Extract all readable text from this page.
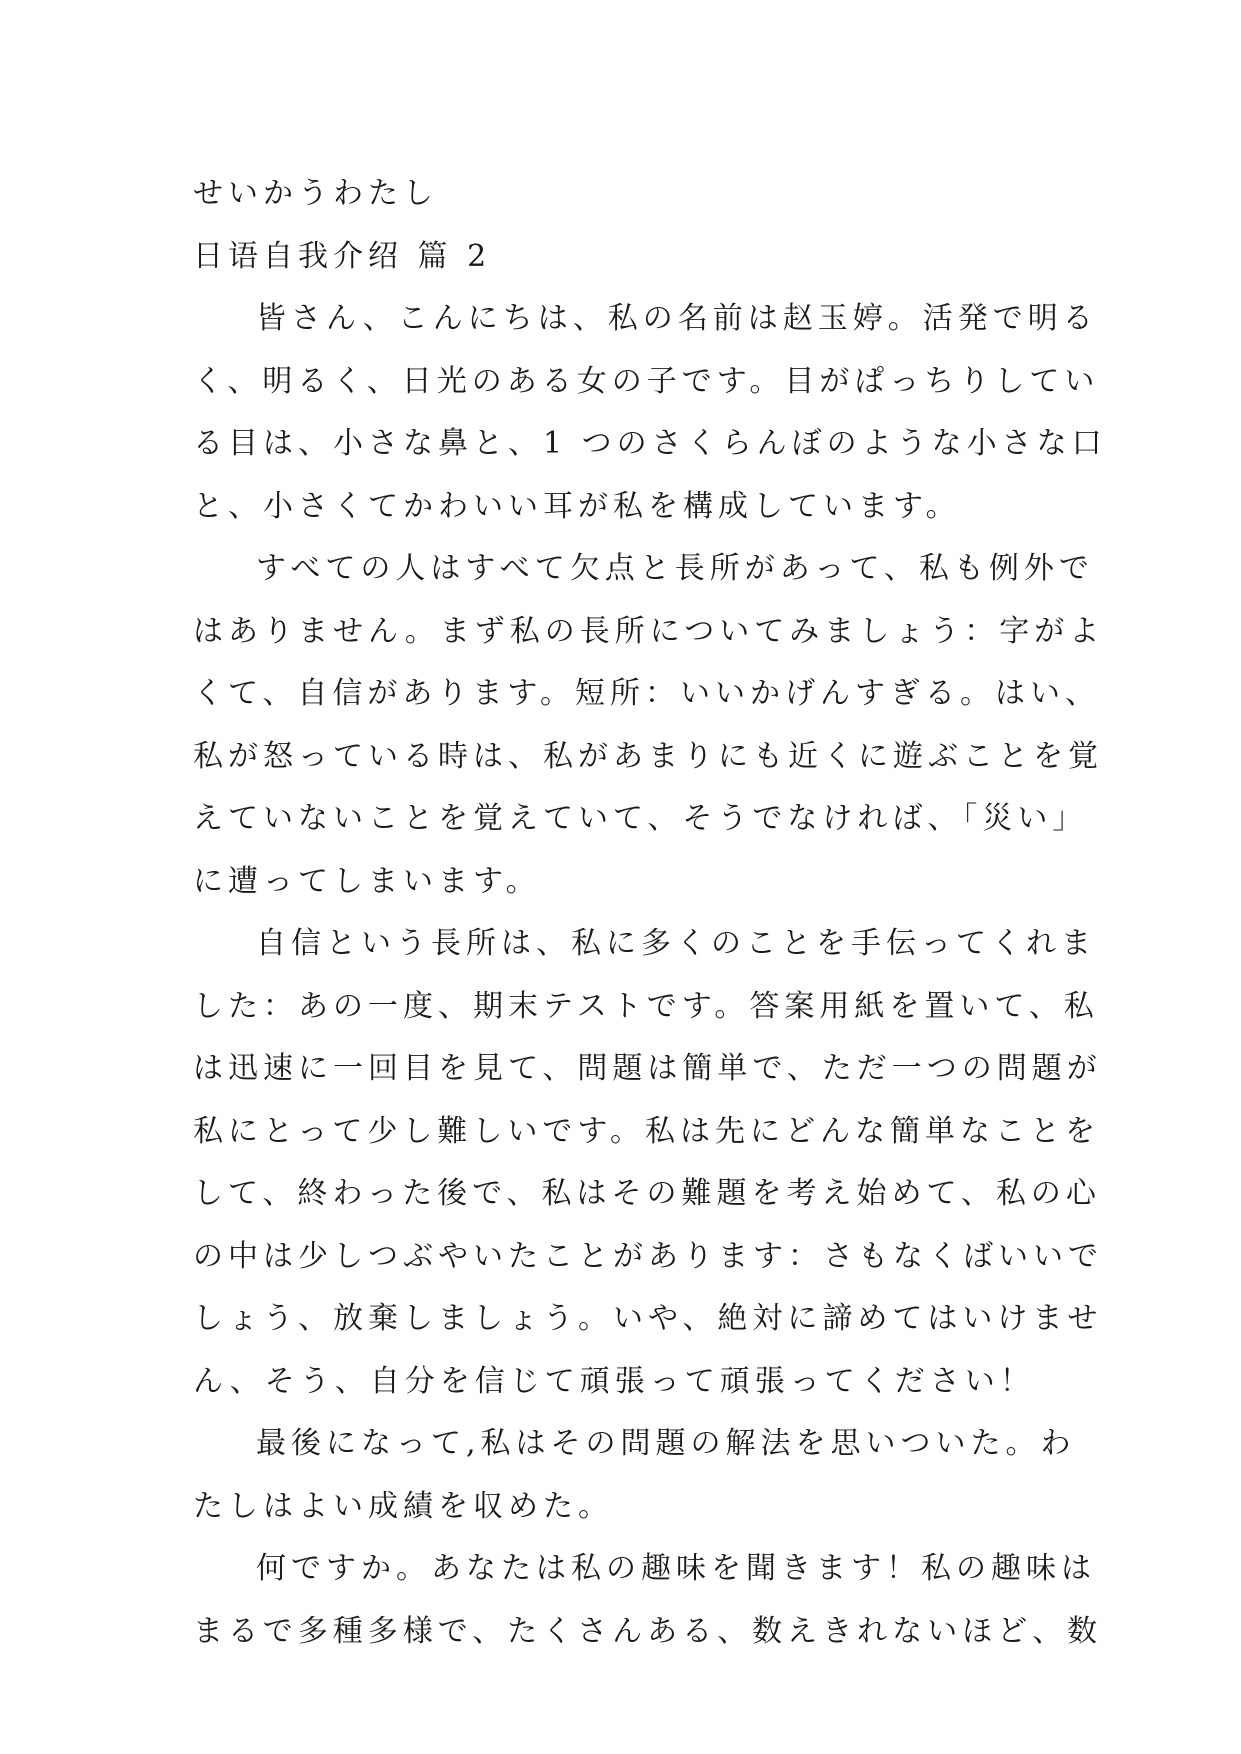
せいかうわたし
日语自我介绍 篇 2
皆さん、こんにちは、私の名前は赵玉婷。活発で明る
く、明るく、日光のある女の子です。目がぱっちりしてい
る目は、小さな鼻と、1 つのさくらんぼのような小さな口
と、小さくてかわいい耳が私を構成しています。
すべての人はすべて欠点と長所があって、私も例外で
はありません。まず私の長所についてみましょう：字がよ
くて、自信があります。短所：いいかげんすぎる。はい、
私が怒っている時は、私があまりにも近くに遊ぶことを覚
えていないことを覚えていて、そうでなければ、「災い」
に遭ってしまいます。
自信という長所は、私に多くのことを手伝ってくれま
した：あの一度、期末テストです。答案用紙を置いて、私
は迅速に一回目を見て、問題は簡単で、ただ一つの問題が
私にとって少し難しいです。私は先にどんな簡単なことを
して、終わった後で、私はその難題を考え始めて、私の心
の中は少しつぶやいたことがあります：さもなくばいいで
しょう、放棄しましょう。いや、絶対に諦めてはいけませ
ん、そう、自分を信じて頑張って頑張ってください！
最後になって,私はその問題の解法を思いついた。わ
たしはよい成績を収めた。
何ですか。あなたは私の趣味を聞きます！私の趣味は
まるで多種多様で、たくさんある、数えきれないほど、数
